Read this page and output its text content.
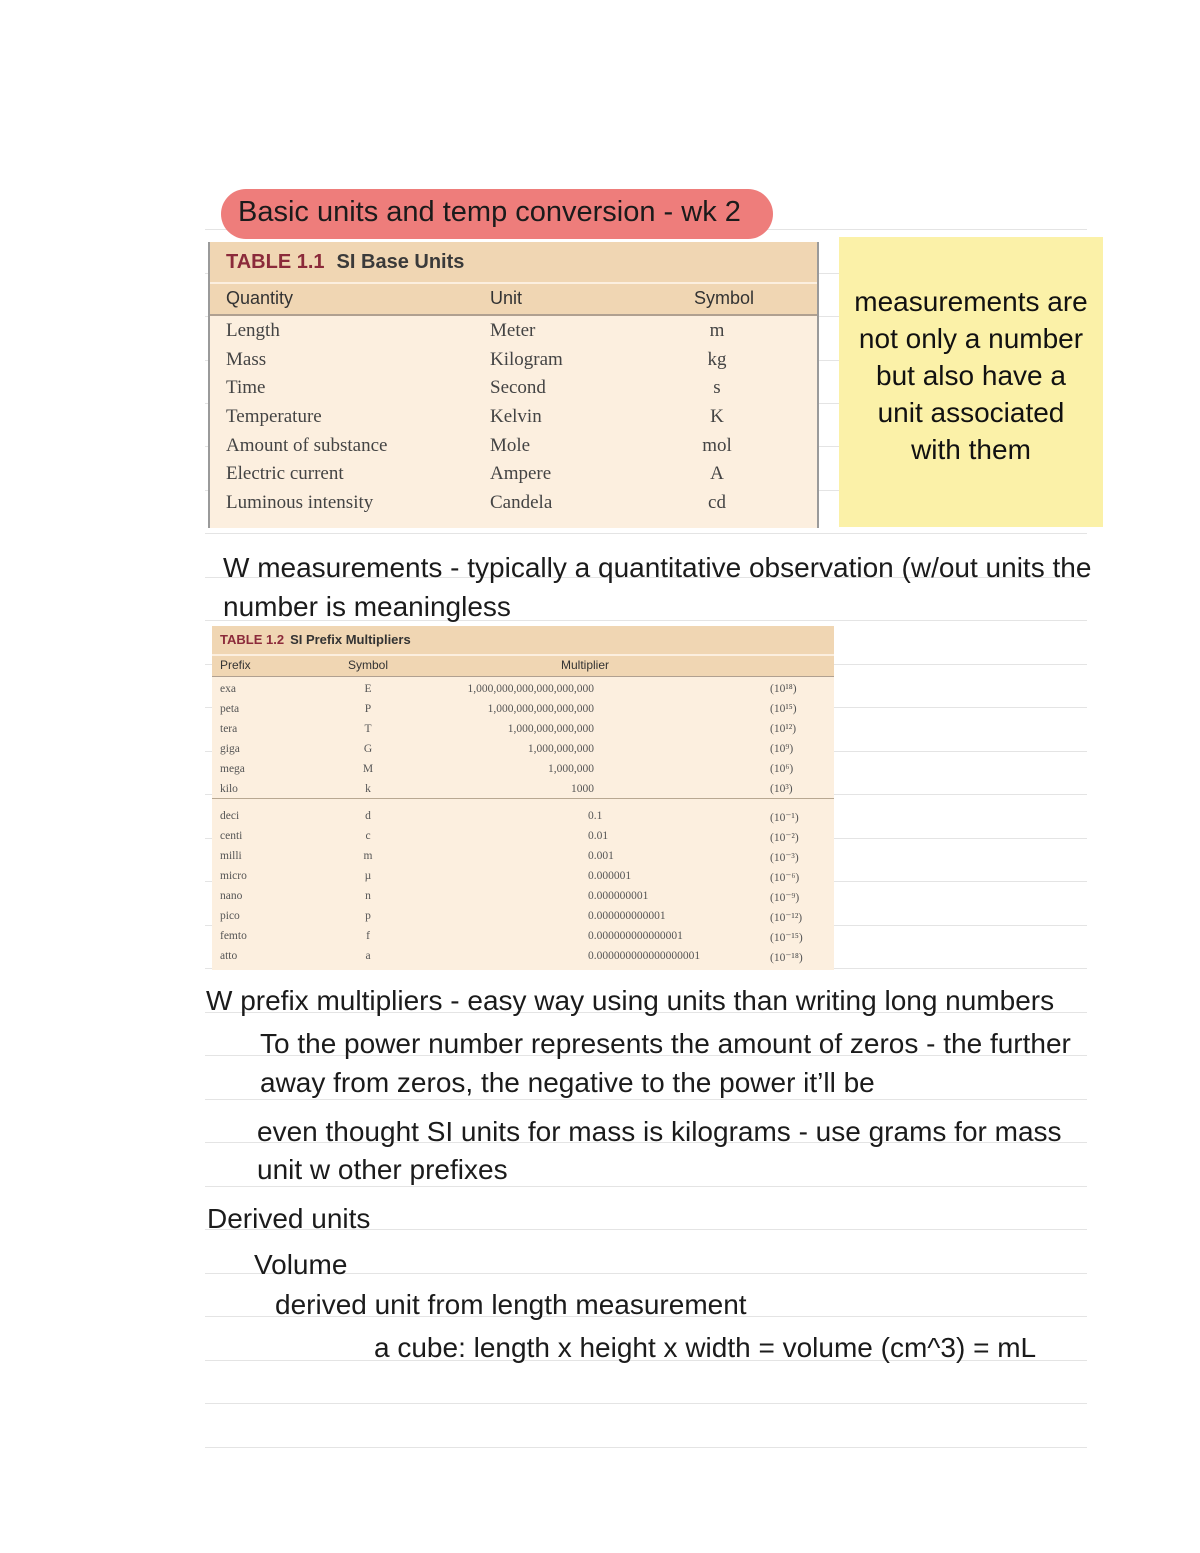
Basic units and temp conversion - wk 2
TABLE 1.1 SI Base Units
Quantity	Unit	Symbol
Length	Meter	m
Mass	Kilogram	kg
Time	Second	s
Temperature	Kelvin	K
Amount of substance	Mole	mol
Electric current	Ampere	A
Luminous intensity	Candela	cd
measurements are
not only a number
but also have a
unit associated
with them
W measurements - typically a quantitative observation (w/out units the
number is meaningless
TABLE 1.2 SI Prefix Multipliers
Prefix	Symbol	Multiplier
exa	E	1,000,000,000,000,000,000	(10¹⁸)
peta	P	1,000,000,000,000,000	(10¹⁵)
tera	T	1,000,000,000,000	(10¹²)
giga	G	1,000,000,000	(10⁹)
mega	M	1,000,000	(10⁶)
kilo	k	1000	(10³)
deci	d	0.1	(10⁻¹)
centi	c	0.01	(10⁻²)
milli	m	0.001	(10⁻³)
micro	µ	0.000001	(10⁻⁶)
nano	n	0.000000001	(10⁻⁹)
pico	p	0.000000000001	(10⁻¹²)
femto	f	0.000000000000001	(10⁻¹⁵)
atto	a	0.000000000000000001	(10⁻¹⁸)
W prefix multipliers - easy way using units than writing long numbers
To the power number represents the amount of zeros - the further
away from zeros, the negative to the power it’ll be
even thought SI units for mass is kilograms - use grams for mass
unit w other prefixes
Derived units
Volume
derived unit from length measurement
a cube: length x height x width = volume (cm^3) = mL
